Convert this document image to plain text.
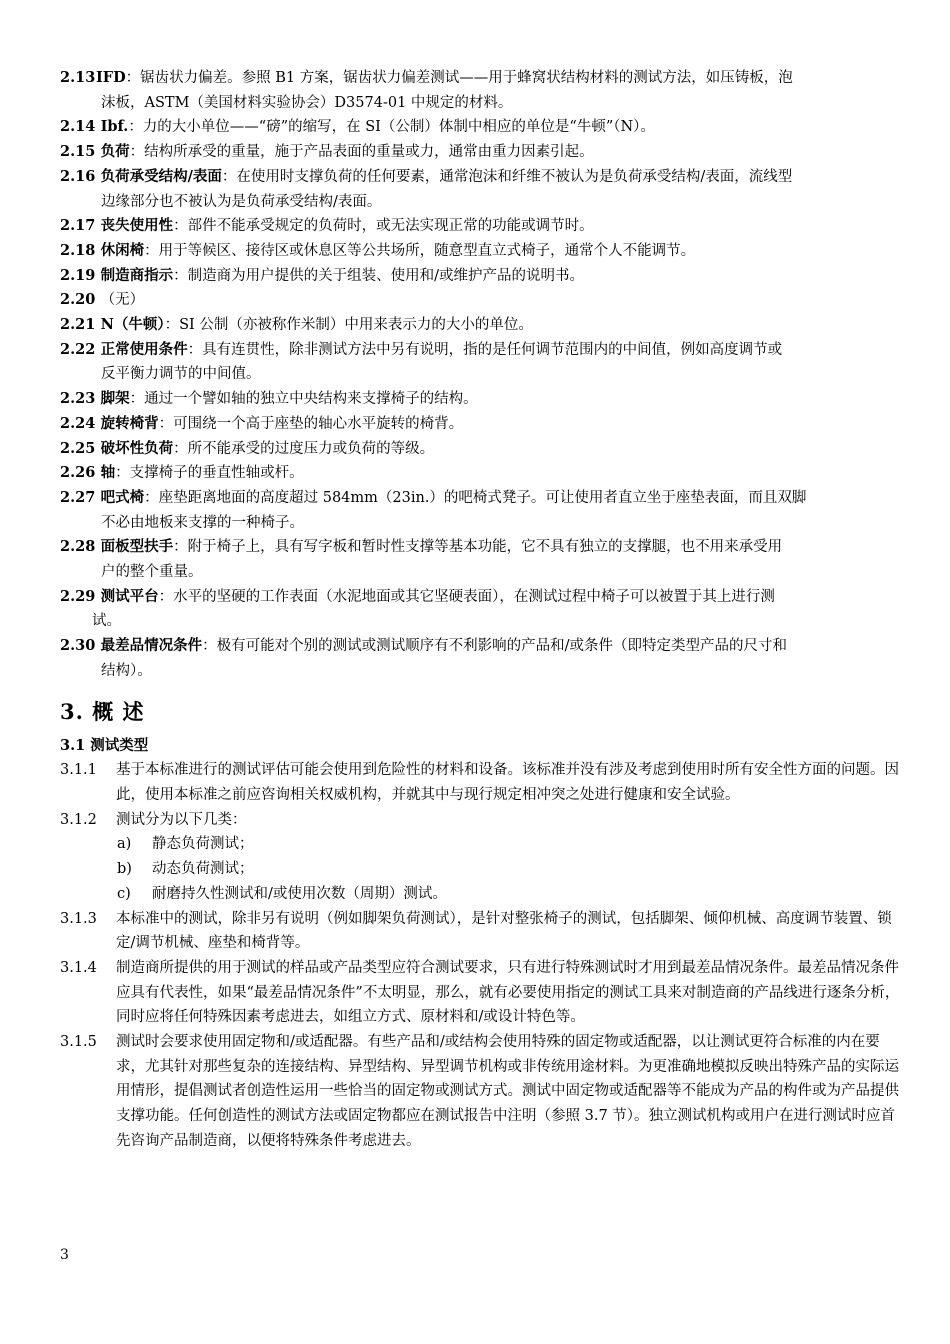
2.13IFD：锯齿状力偏差。参照 B1 方案，锯齿状力偏差测试——用于蜂窝状结构材料的测试方法，如压铸板，泡
沫板，ASTM（美国材料实验协会）D3574-01 中规定的材料。
2.14 Ibf.：力的大小单位——“磅”的缩写，在 SI（公制）体制中相应的单位是“牛顿”（N）。
2.15 负荷：结构所承受的重量，施于产品表面的重量或力，通常由重力因素引起。
2.16 负荷承受结构/表面：在使用时支撑负荷的任何要素，通常泡沫和纤维不被认为是负荷承受结构/表面，流线型
边缘部分也不被认为是负荷承受结构/表面。
2.17 丧失使用性：部件不能承受规定的负荷时，或无法实现正常的功能或调节时。
2.18 休闲椅：用于等候区、接待区或休息区等公共场所，随意型直立式椅子，通常个人不能调节。
2.19 制造商指示：制造商为用户提供的关于组装、使用和/或维护产品的说明书。
2.20 （无）
2.21 N（牛顿）：SI 公制（亦被称作米制）中用来表示力的大小的单位。
2.22 正常使用条件：具有连贯性，除非测试方法中另有说明，指的是任何调节范围内的中间值，例如高度调节或
反平衡力调节的中间值。
2.23 脚架：通过一个譬如轴的独立中央结构来支撑椅子的结构。
2.24 旋转椅背：可围绕一个高于座垫的轴心水平旋转的椅背。
2.25 破坏性负荷：所不能承受的过度压力或负荷的等级。
2.26 轴：支撑椅子的垂直性轴或杆。
2.27 吧式椅：座垫距离地面的高度超过 584mm（23in.）的吧椅式凳子。可让使用者直立坐于座垫表面，而且双脚
不必由地板来支撑的一种椅子。
2.28 面板型扶手：附于椅子上，具有写字板和暂时性支撑等基本功能，它不具有独立的支撑腿，也不用来承受用
户的整个重量。
2.29 测试平台：水平的坚硬的工作表面（水泥地面或其它坚硬表面），在测试过程中椅子可以被置于其上进行测
试。
2.30 最差品情况条件：极有可能对个别的测试或测试顺序有不利影响的产品和/或条件（即特定类型产品的尺寸和
结构）。
3. 概 述
3.1 测试类型
3.1.1 基于本标准进行的测试评估可能会使用到危险性的材料和设备。该标准并没有涉及考虑到使用时所有安全性方面的问题。因此，使用本标准之前应咨询相关权威机构，并就其中与现行规定相冲突之处进行健康和安全试验。
3.1.2 测试分为以下几类：
a) 静态负荷测试；
b) 动态负荷测试；
c) 耐磨持久性测试和/或使用次数（周期）测试。
3.1.3 本标准中的测试，除非另有说明（例如脚架负荷测试），是针对整张椅子的测试，包括脚架、倾仰机械、高度调节装置、锁定/调节机械、座垫和椅背等。
3.1.4 制造商所提供的用于测试的样品或产品类型应符合测试要求，只有进行特殊测试时才用到最差品情况条件。最差品情况条件应具有代表性，如果“最差品情况条件”不太明显，那么，就有必要使用指定的测试工具来对制造商的产品线进行逐条分析，同时应将任何特殊因素考虑进去，如组立方式、原材料和/或设计特色等。
3.1.5 测试时会要求使用固定物和/或适配器。有些产品和/或结构会使用特殊的固定物或适配器，以让测试更符合标准的内在要求，尤其针对那些复杂的连接结构、异型结构、异型调节机构或非传统用途材料。为更准确地模拟反映出特殊产品的实际运用情形，提倡测试者创造性运用一些恰当的固定物或测试方式。测试中固定物或适配器等不能成为产品的构件或为产品提供支撑功能。任何创造性的测试方法或固定物都应在测试报告中注明（参照 3.7 节）。独立测试机构或用户在进行测试时应首先咨询产品制造商，以便将特殊条件考虑进去。
3
